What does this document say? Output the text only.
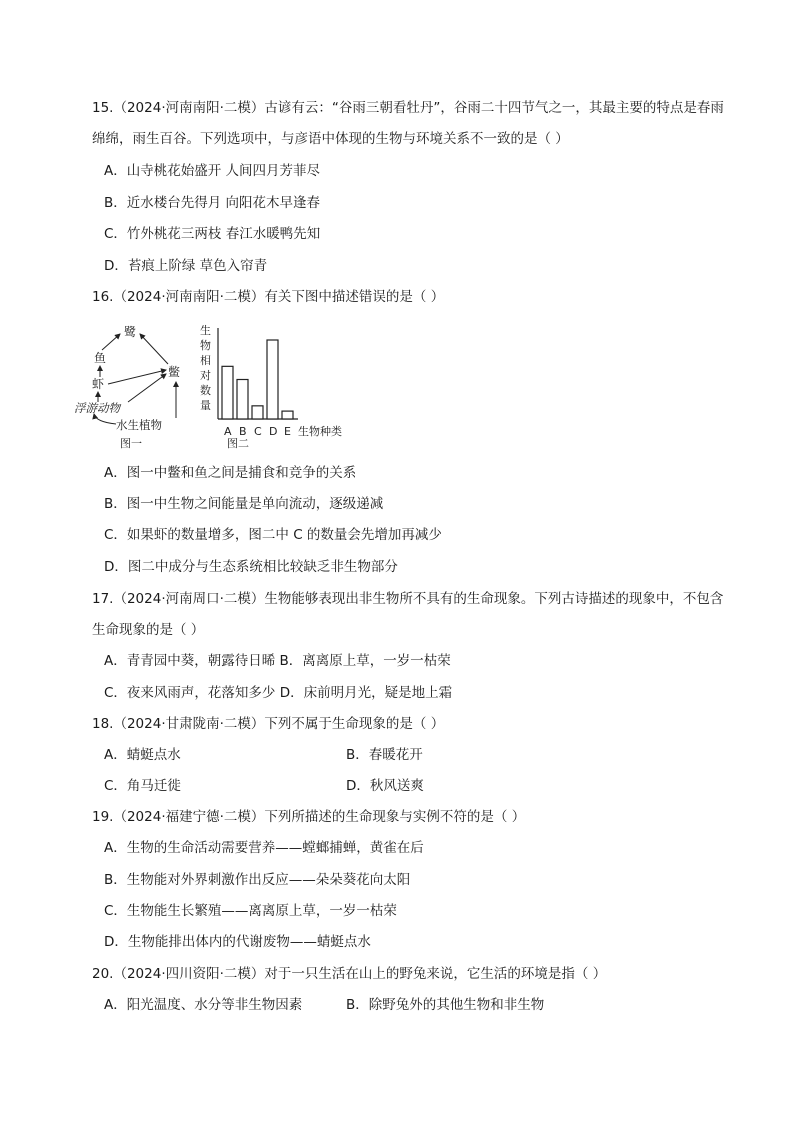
15.（2024·河南南阳·二模）古谚有云：“谷雨三朝看牡丹”，谷雨二十四节气之一，其最主要的特点是春雨
绵绵，雨生百谷。下列选项中，与彦语中体现的生物与环境关系不一致的是（ ）
A．山寺桃花始盛开 人间四月芳菲尽
B．近水楼台先得月 向阳花木早逢春
C．竹外桃花三两枝 春江水暖鸭先知
D．苔痕上阶绿 草色入帘青
16.（2024·河南南阳·二模）有关下图中描述错误的是（ ）
鹭
鱼
虾
鳖
浮游动物
水生植物
图一
生
物
相
对
数
量
A B C D E 生物种类
图二
A．图一中鳖和鱼之间是捕食和竞争的关系
B．图一中生物之间能量是单向流动，逐级递减
C．如果虾的数量增多，图二中 C 的数量会先增加再减少
D．图二中成分与生态系统相比较缺乏非生物部分
17.（2024·河南周口·二模）生物能够表现出非生物所不具有的生命现象。下列古诗描述的现象中，不包含
生命现象的是（ ）
A．青青园中葵，朝露待日晞 B．离离原上草，一岁一枯荣
C．夜来风雨声，花落知多少 D．床前明月光，疑是地上霜
18.（2024·甘肃陇南·二模）下列不属于生命现象的是（ ）
A．蜻蜓点水	B．春暖花开
C．角马迁徙	D．秋风送爽
19.（2024·福建宁德·二模）下列所描述的生命现象与实例不符的是（ ）
A．生物的生命活动需要营养——螳螂捕蝉，黄雀在后
B．生物能对外界刺激作出反应——朵朵葵花向太阳
C．生物能生长繁殖——离离原上草，一岁一枯荣
D．生物能排出体内的代谢废物——蜻蜓点水
20.（2024·四川资阳·二模）对于一只生活在山上的野兔来说，它生活的环境是指（ ）
A．阳光温度、水分等非生物因素	B．除野兔外的其他生物和非生物
